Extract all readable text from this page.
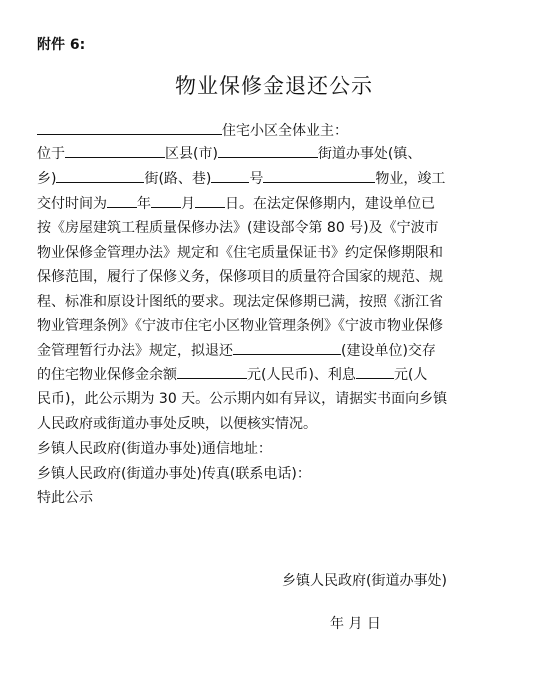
附件 6:
物业保修金退还公示
住宅小区全体业主：
位于	区县(市)	街道办事处(镇、
乡)	街(路、巷)	号	物业，竣工
交付时间为 年 月 日。在法定保修期内，建设单位已
按《房屋建筑工程质量保修办法》(建设部令第 80 号)及《宁波市
物业保修金管理办法》规定和《住宅质量保证书》约定保修期限和
保修范围，履行了保修义务，保修项目的质量符合国家的规范、规
程、标准和原设计图纸的要求。现法定保修期已满，按照《浙江省
物业管理条例》《宁波市住宅小区物业管理条例》《宁波市物业保修
金管理暂行办法》规定，拟退还	(建设单位)交存
的住宅物业保修金余额	元(人民币)、利息	元(人
民币)，此公示期为 30 天。公示期内如有异议，请据实书面向乡镇
人民政府或街道办事处反映，以便核实情况。
乡镇人民政府(街道办事处)通信地址：
乡镇人民政府(街道办事处)传真(联系电话)：
特此公示
乡镇人民政府(街道办事处)
年 月 日
